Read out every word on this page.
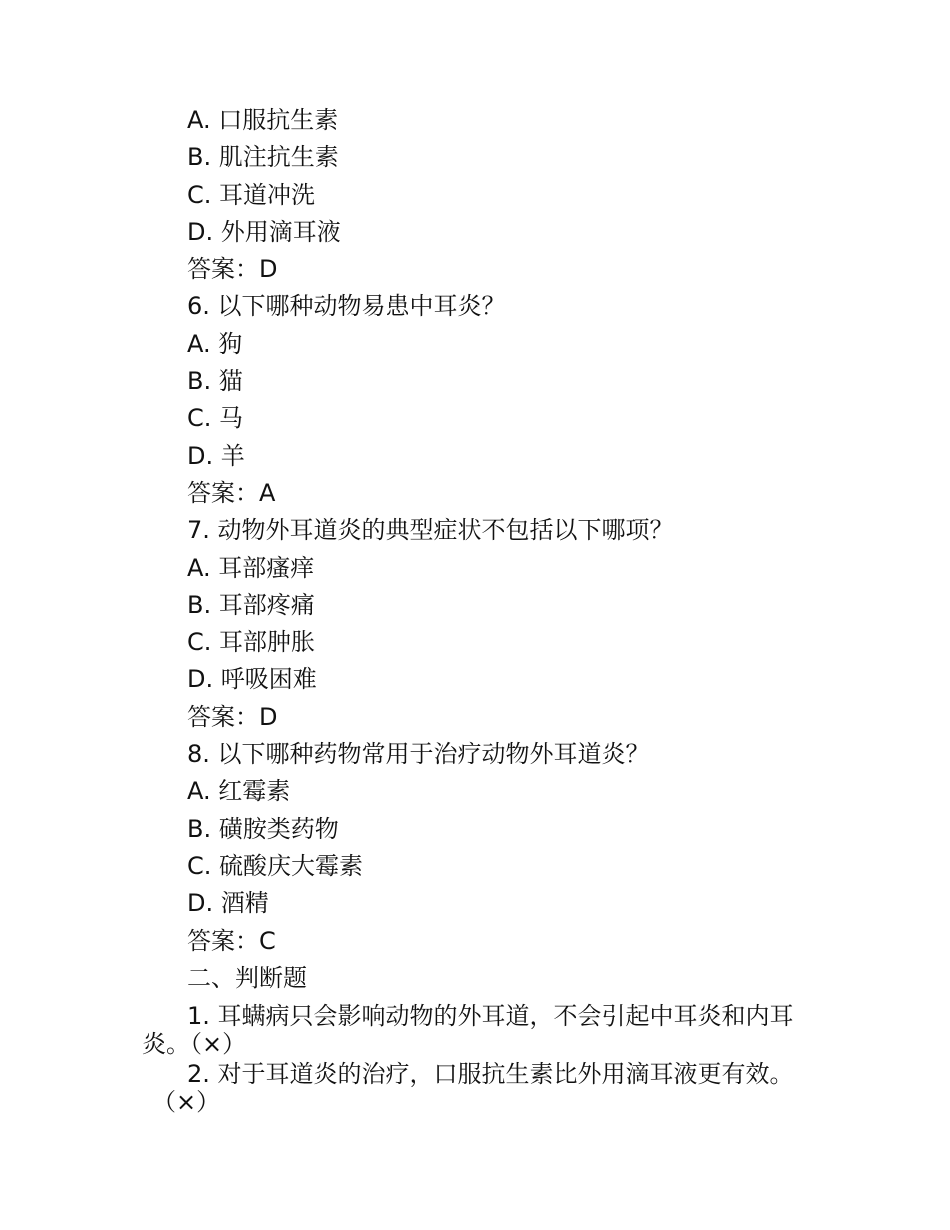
A. 口服抗生素
B. 肌注抗生素
C. 耳道冲洗
D. 外用滴耳液
答案：D
6. 以下哪种动物易患中耳炎？
A. 狗
B. 猫
C. 马
D. 羊
答案：A
7. 动物外耳道炎的典型症状不包括以下哪项？
A. 耳部瘙痒
B. 耳部疼痛
C. 耳部肿胀
D. 呼吸困难
答案：D
8. 以下哪种药物常用于治疗动物外耳道炎？
A. 红霉素
B. 磺胺类药物
C. 硫酸庆大霉素
D. 酒精
答案：C
二、判断题
1. 耳螨病只会影响动物的外耳道，不会引起中耳炎和内耳
炎。（×）
2. 对于耳道炎的治疗，口服抗生素比外用滴耳液更有效。
（×）
